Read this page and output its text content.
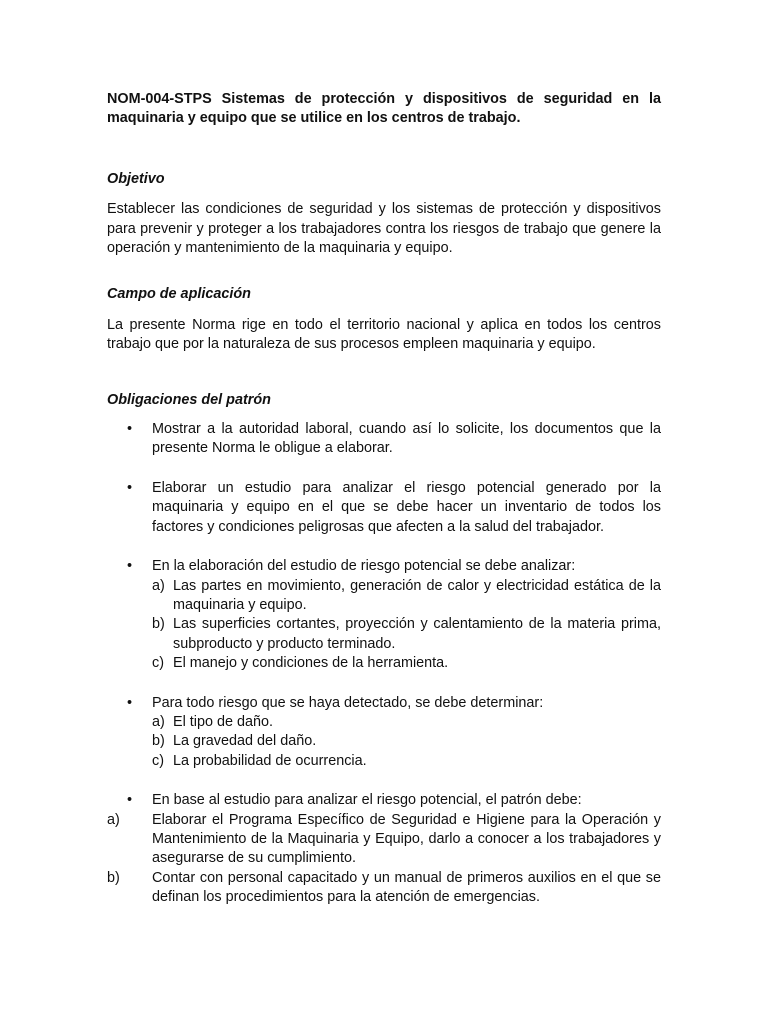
NOM-004-STPS Sistemas de protección y dispositivos de seguridad en la maquinaria y equipo que se utilice en los centros de trabajo.

Objetivo

Establecer las condiciones de seguridad y los sistemas de protección y dispositivos para prevenir y proteger a los trabajadores contra los riesgos de trabajo que genere la operación y mantenimiento de la maquinaria y equipo.

Campo de aplicación

La presente Norma rige en todo el territorio nacional y aplica en todos los centros trabajo que por la naturaleza de sus procesos empleen maquinaria y equipo.

Obligaciones del patrón

• Mostrar a la autoridad laboral, cuando así lo solicite, los documentos que la presente Norma le obligue a elaborar.
• Elaborar un estudio para analizar el riesgo potencial generado por la maquinaria y equipo en el que se debe hacer un inventario de todos los factores y condiciones peligrosas que afecten a la salud del trabajador.
• En la elaboración del estudio de riesgo potencial se debe analizar:
a) Las partes en movimiento, generación de calor y electricidad estática de la maquinaria y equipo.
b) Las superficies cortantes, proyección y calentamiento de la materia prima, subproducto y producto terminado.
c) El manejo y condiciones de la herramienta.
• Para todo riesgo que se haya detectado, se debe determinar:
a) El tipo de daño.
b) La gravedad del daño.
c) La probabilidad de ocurrencia.
• En base al estudio para analizar el riesgo potencial, el patrón debe:
a) Elaborar el Programa Específico de Seguridad e Higiene para la Operación y Mantenimiento de la Maquinaria y Equipo, darlo a conocer a los trabajadores y asegurarse de su cumplimiento.
b) Contar con personal capacitado y un manual de primeros auxilios en el que se definan los procedimientos para la atención de emergencias.
